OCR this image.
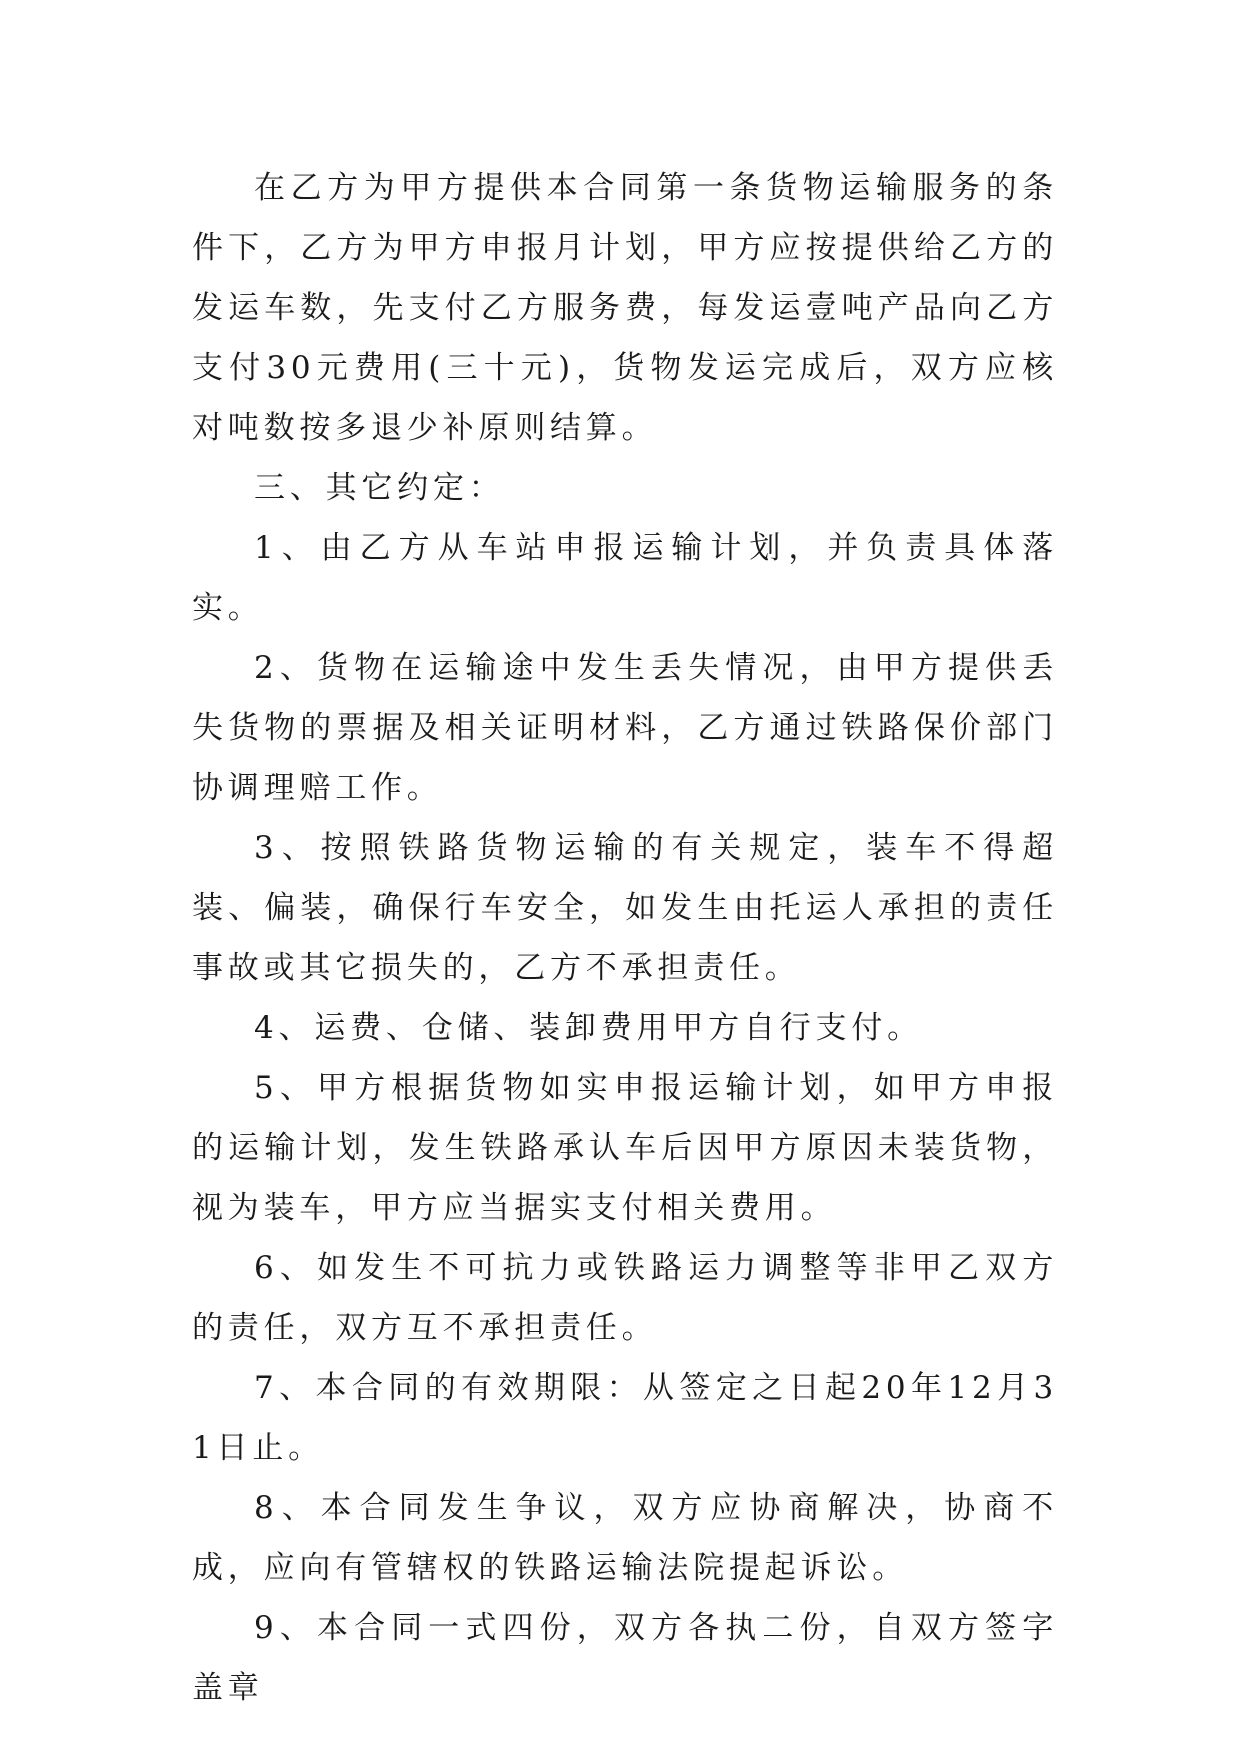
在乙方为甲方提供本合同第一条货物运输服务的条件下，乙方为甲方申报月计划，甲方应按提供给乙方的发运车数，先支付乙方服务费，每发运壹吨产品向乙方支付30元费用(三十元)，货物发运完成后，双方应核对吨数按多退少补原则结算。

三、其它约定：

1、由乙方从车站申报运输计划，并负责具体落实。

2、货物在运输途中发生丢失情况，由甲方提供丢失货物的票据及相关证明材料，乙方通过铁路保价部门协调理赔工作。

3、按照铁路货物运输的有关规定，装车不得超装、偏装，确保行车安全，如发生由托运人承担的责任事故或其它损失的，乙方不承担责任。

4、运费、仓储、装卸费用甲方自行支付。

5、甲方根据货物如实申报运输计划，如甲方申报的运输计划，发生铁路承认车后因甲方原因未装货物，视为装车，甲方应当据实支付相关费用。

6、如发生不可抗力或铁路运力调整等非甲乙双方的责任，双方互不承担责任。

7、本合同的有效期限：从签定之日起20年12月31日止。

8、本合同发生争议，双方应协商解决，协商不成，应向有管辖权的铁路运输法院提起诉讼。

9、本合同一式四份，双方各执二份，自双方签字盖章
